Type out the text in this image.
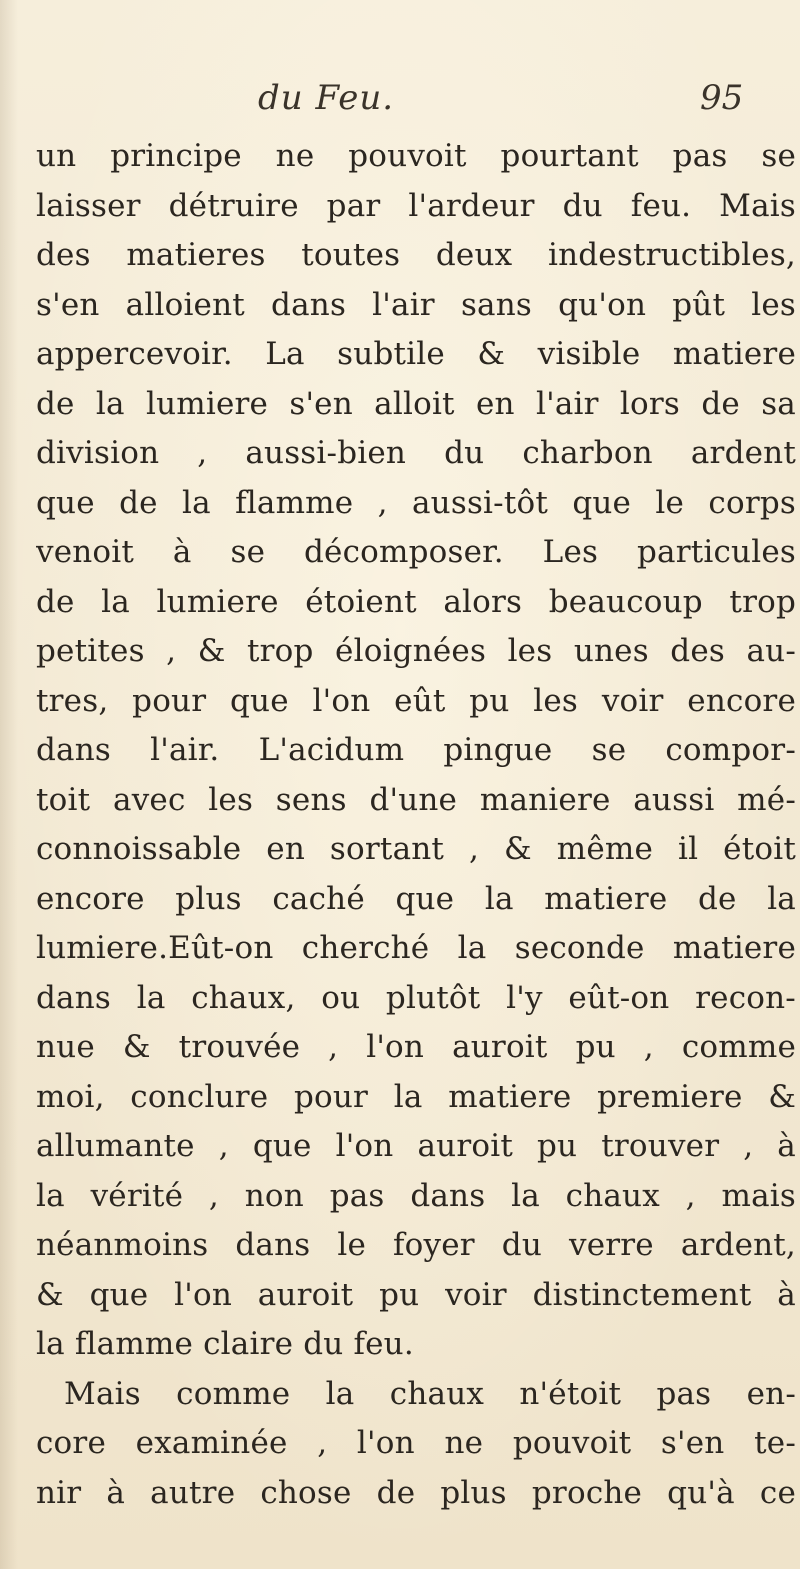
du Feu.	95
un principe ne pouvoit pourtant pas se
laisser détruire par l'ardeur du feu. Mais
des matieres toutes deux indestructibles,
s'en alloient dans l'air sans qu'on pût les
appercevoir. La subtile & visible matiere
de la lumiere s'en alloit en l'air lors de sa
division , aussi-bien du charbon ardent
que de la flamme , aussi-tôt que le corps
venoit à se décomposer. Les particules
de la lumiere étoient alors beaucoup trop
petites , & trop éloignées les unes des au-
tres, pour que l'on eût pu les voir encore
dans l'air. L'acidum pingue se compor-
toit avec les sens d'une maniere aussi mé-
connoissable en sortant , & même il étoit
encore plus caché que la matiere de la
lumiere.Eût-on cherché la seconde matiere
dans la chaux, ou plutôt l'y eût-on recon-
nue & trouvée , l'on auroit pu , comme
moi, conclure pour la matiere premiere &
allumante , que l'on auroit pu trouver , à
la vérité , non pas dans la chaux , mais
néanmoins dans le foyer du verre ardent,
& que l'on auroit pu voir distinctement à
la flamme claire du feu.
Mais comme la chaux n'étoit pas en-
core examinée , l'on ne pouvoit s'en te-
nir à autre chose de plus proche qu'à ce
